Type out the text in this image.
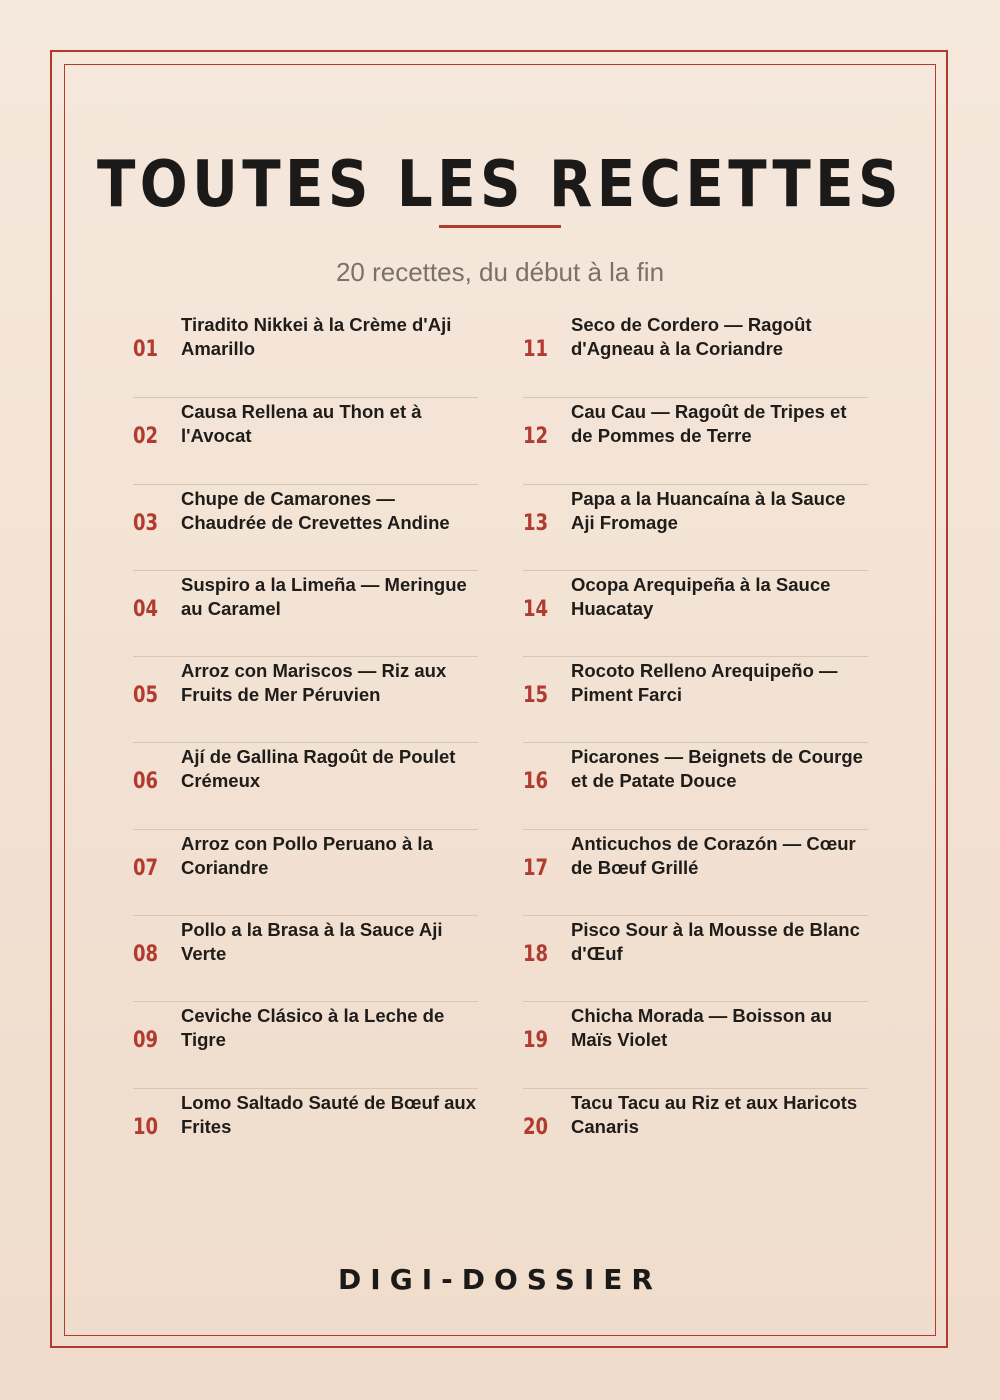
TOUTES LES RECETTES
20 recettes, du début à la fin
01
Tiradito Nikkei à la Crème d'Aji Amarillo
02
Causa Rellena au Thon et à l'Avocat
03
Chupe de Camarones — Chaudrée de Crevettes Andine
04
Suspiro a la Limeña — Meringue au Caramel
05
Arroz con Mariscos — Riz aux Fruits de Mer Péruvien
06
Ají de Gallina Ragoût de Poulet Crémeux
07
Arroz con Pollo Peruano à la Coriandre
08
Pollo a la Brasa à la Sauce Aji Verte
09
Ceviche Clásico à la Leche de Tigre
10
Lomo Saltado Sauté de Bœuf aux Frites
11
Seco de Cordero — Ragoût d'Agneau à la Coriandre
12
Cau Cau — Ragoût de Tripes et de Pommes de Terre
13
Papa a la Huancaína à la Sauce Aji Fromage
14
Ocopa Arequipeña à la Sauce Huacatay
15
Rocoto Relleno Arequipeño — Piment Farci
16
Picarones — Beignets de Courge et de Patate Douce
17
Anticuchos de Corazón — Cœur de Bœuf Grillé
18
Pisco Sour à la Mousse de Blanc d'Œuf
19
Chicha Morada — Boisson au Maïs Violet
20
Tacu Tacu au Riz et aux Haricots Canaris
DIGI-DOSSIER
